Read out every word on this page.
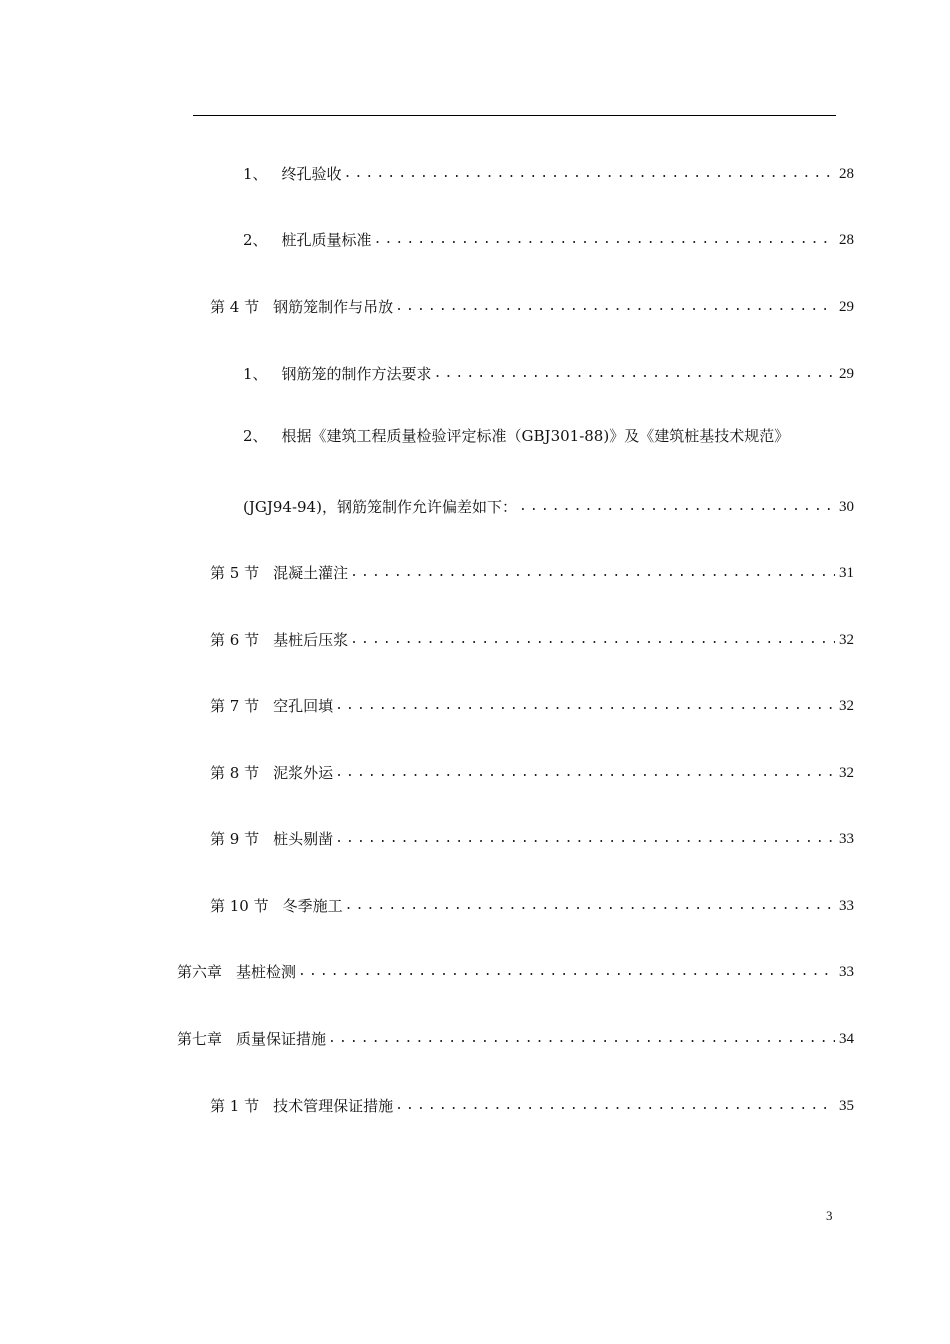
1、 终孔验收 .....	28
2、 桩孔质量标准 .....	28
第 4 节 钢筋笼制作与吊放 .....	29
1、 钢筋笼的制作方法要求 .....	29
2、 根据《建筑工程质量检验评定标准（GBJ301-88)》及《建筑桩基技术规范》
(JGJ94-94)，钢筋笼制作允许偏差如下： .....	30
第 5 节 混凝土灌注 .....	31
第 6 节 基桩后压浆 .....	32
第 7 节 空孔回填 .....	32
第 8 节 泥浆外运 .....	32
第 9 节 桩头剔凿 .....	33
第 10 节 冬季施工 .....	33
第六章 基桩检测 .....	33
第七章 质量保证措施 .....	34
第 1 节 技术管理保证措施 .....	35
3
